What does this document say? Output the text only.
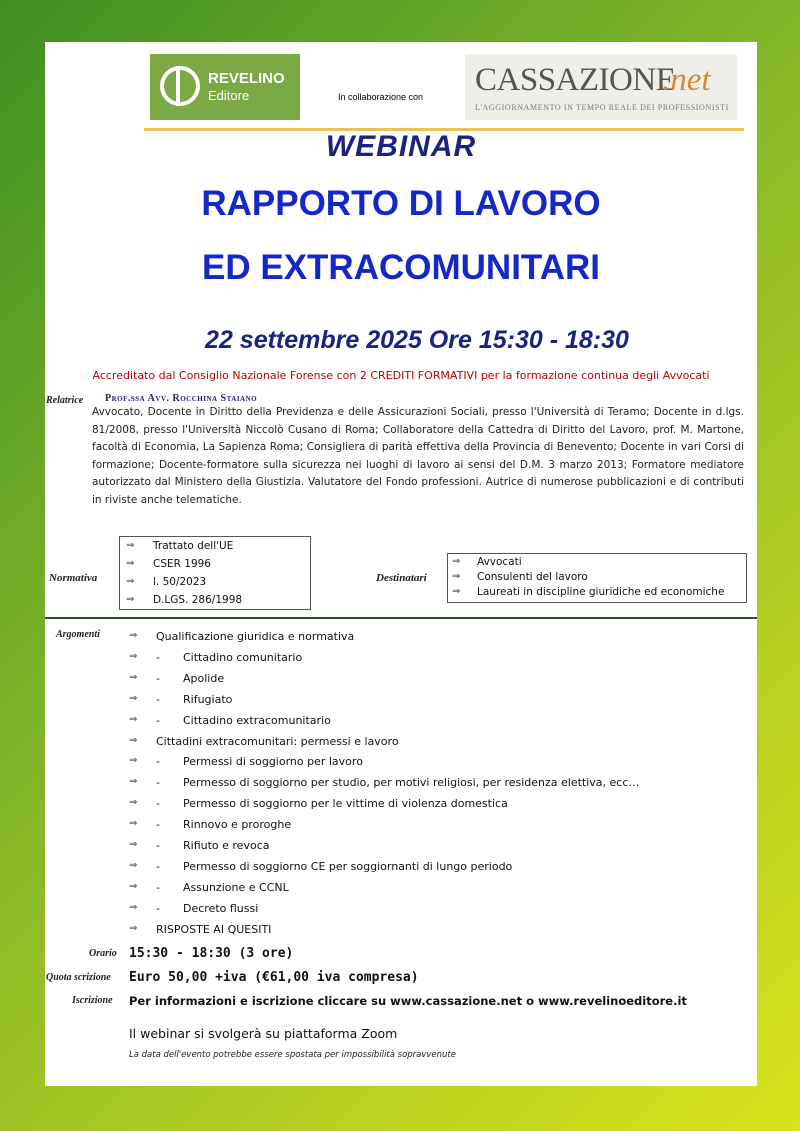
REVELINO
Editore	In collaborazione con CASSAZIONE
.net
L'AGGIORNAMENTO IN TEMPO REALE DEI PROFESSIONISTI
WEBINAR
RAPPORTO DI LAVORO
ED EXTRACOMUNITARI
22 settembre 2025 Ore 15:30 - 18:30
Accreditato dal Consiglio Nazionale Forense con 2 CREDITI FORMATIVI per la formazione continua degli Avvocati
Relatrice Prof.ssa Avv. Rocchina Staiano
Avvocato, Docente in Diritto della Previdenza e delle Assicurazioni Sociali, presso l'Università di Teramo; Docente in d.lgs. 81/2008, presso l'Università Niccolò Cusano di Roma; Collaboratore della Cattedra di Diritto del Lavoro, prof. M. Martone, facoltà di Economia, La Sapienza Roma; Consigliera di parità effettiva della Provincia di Benevento; Docente in vari Corsi di formazione; Docente-formatore sulla sicurezza nei luoghi di lavoro ai sensi del D.M. 3 marzo 2013; Formatore mediatore autorizzato dal Ministero della Giustizia. Valutatore del Fondo professioni. Autrice di numerose pubblicazioni e di contributi in riviste anche telematiche.
Normativa
⇒ Trattato dell'UE
⇒ CSER 1996
⇒ l. 50/2023
⇒ D.LGS. 286/1998
Destinatari
⇒ Avvocati
⇒ Consulenti del lavoro
⇒ Laureati in discipline giuridiche ed economiche
Argomenti	⇒ Qualificazione giuridica e normativa
⇒ - Cittadino comunitario
⇒ - Apolide
⇒ - Rifugiato
⇒ - Cittadino extracomunitario
⇒ Cittadini extracomunitari: permessi e lavoro
⇒ - Permessi di soggiorno per lavoro
⇒ - Permesso di soggiorno per studio, per motivi religiosi, per residenza elettiva, ecc…
⇒ - Permesso di soggiorno per le vittime di violenza domestica
⇒ - Rinnovo e proroghe
⇒ - Rifiuto e revoca
⇒ - Permesso di soggiorno CE per soggiornanti di lungo periodo
⇒ - Assunzione e CCNL
⇒ - Decreto flussi
⇒ RISPOSTE AI QUESITI
Orario 15:30 - 18:30 (3 ore)
Quota scrizione Euro 50,00 +iva (€61,00 iva compresa)
Iscrizione Per informazioni e iscrizione cliccare su www.cassazione.net o www.revelinoeditore.it
Il webinar si svolgerà su piattaforma Zoom
La data dell'evento potrebbe essere spostata per impossibilità sopravvenute
